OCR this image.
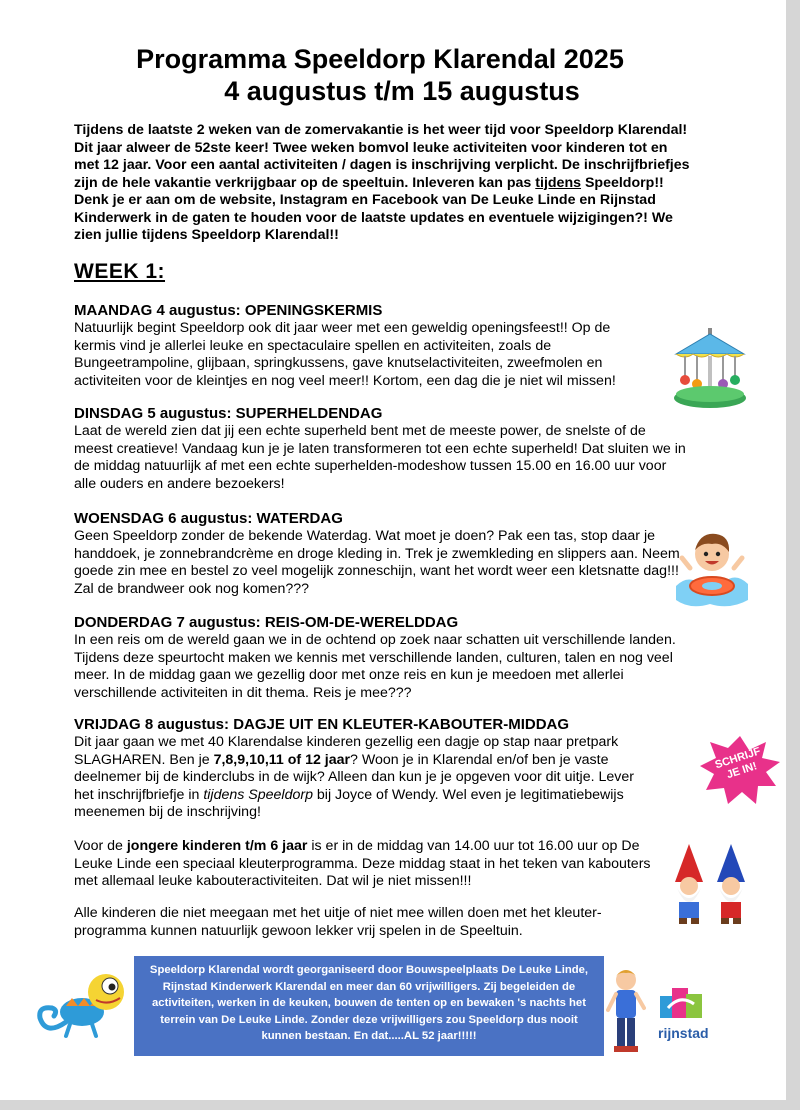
Programma Speeldorp Klarendal 2025
4 augustus t/m 15 augustus

Tijdens de laatste 2 weken van de zomervakantie is het weer tijd voor Speeldorp Klarendal! Dit jaar alweer de 52ste keer! Twee weken bomvol leuke activiteiten voor kinderen tot en met 12 jaar. Voor een aantal activiteiten / dagen is inschrijving verplicht. De inschrijfbriefjes zijn de hele vakantie verkrijgbaar op de speeltuin. Inleveren kan pas tijdens Speeldorp!! Denk je er aan om de website, Instagram en Facebook van De Leuke Linde en Rijnstad Kinderwerk in de gaten te houden voor de laatste updates en eventuele wijzigingen?! We zien jullie tijdens Speeldorp Klarendal!!

WEEK 1:
MAANDAG 4 augustus: OPENINGSKERMIS

Natuurlijk begint Speeldorp ook dit jaar weer met een geweldig openingsfeest!! Op de kermis vind je allerlei leuke en spectaculaire spellen en activiteiten, zoals de Bungeetrampoline, glijbaan, springkussens, gave knutselactiviteiten, zweefmolen en activiteiten voor de kleintjes en nog veel meer!! Kortom, een dag die je niet wil missen!

DINSDAG 5 augustus: SUPERHELDENDAG

Laat de wereld zien dat jij een echte superheld bent met de meeste power, de snelste of de meest creatieve! Vandaag kun je je laten transformeren tot een echte superheld! Dat sluiten we in de middag natuurlijk af met een echte superhelden-modeshow tussen 15.00 en 16.00 uur voor alle ouders en andere bezoekers!

WOENSDAG 6 augustus: WATERDAG

Geen Speeldorp zonder de bekende Waterdag. Wat moet je doen? Pak een tas, stop daar je handdoek, je zonnebrandcrème en droge kleding in. Trek je zwemkleding en slippers aan. Neem goede zin mee en bestel zo veel mogelijk zonneschijn, want het wordt weer een kletsnatte dag!!! Zal de brandweer ook nog komen???

DONDERDAG 7 augustus: REIS-OM-DE-WERELDDAG

In een reis om de wereld gaan we in de ochtend op zoek naar schatten uit verschillende landen. Tijdens deze speurtocht maken we kennis met verschillende landen, culturen, talen en nog veel meer. In de middag gaan we gezellig door met onze reis en kun je meedoen met allerlei verschillende activiteiten in dit thema. Reis je mee???

VRIJDAG 8 augustus: DAGJE UIT EN KLEUTER-KABOUTER-MIDDAG

Dit jaar gaan we met 40 Klarendalse kinderen gezellig een dagje op stap naar pretpark SLAGHAREN. Ben je 7,8,9,10,11 of 12 jaar? Woon je in Klarendal en/of ben je vaste deelnemer bij de kinderclubs in de wijk? Alleen dan kun je je opgeven voor dit uitje. Lever het inschrijfbriefje in tijdens Speeldorp bij Joyce of Wendy. Wel even je legitimatiebewijs meenemen bij de inschrijving!

Voor de jongere kinderen t/m 6 jaar is er in de middag van 14.00 uur tot 16.00 uur op De Leuke Linde een speciaal kleuterprogramma. Deze middag staat in het teken van kabouters met allemaal leuke kabouteractiviteiten. Dat wil je niet missen!!!

Alle kinderen die niet meegaan met het uitje of niet mee willen doen met het kleuter-programma kunnen natuurlijk gewoon lekker vrij spelen in de Speeltuin.

Speeldorp Klarendal wordt georganiseerd door Bouwspeelplaats De Leuke Linde, Rijnstad Kinderwerk Klarendal en meer dan 60 vrijwilligers. Zij begeleiden de activiteiten, werken in de keuken, bouwen de tenten op en bewaken 's nachts het terrein van De Leuke Linde. Zonder deze vrijwilligers zou Speeldorp dus nooit kunnen bestaan. En dat.....AL 52 jaar!!!!!

SCHRIJF JE IN!
rijnstad
